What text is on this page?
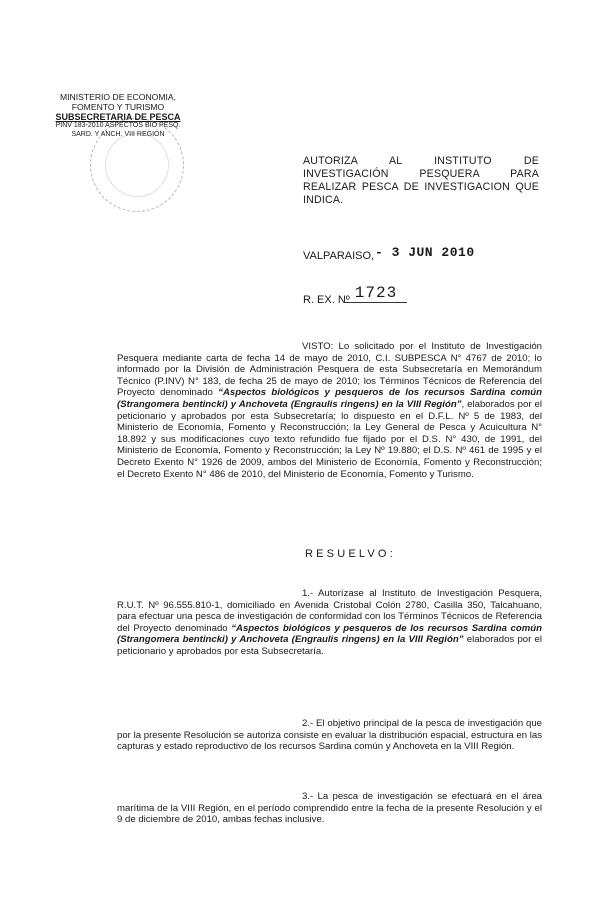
MINISTERIO DE ECONOMIA,
FOMENTO Y TURISMO
SUBSECRETARIA DE PESCA
PINV 183-2010 ASPECTOS BIO PESQ.
SARD. Y ANCH. VIII REGIÓN
AUTORIZA AL INSTITUTO DE INVESTIGACIÓN PESQUERA PARA REALIZAR PESCA DE INVESTIGACION QUE INDICA.
VALPARAISO, - 3 JUN 2010
R. EX. Nº 1723
VISTO: Lo solicitado por el Instituto de Investigación Pesquera mediante carta de fecha 14 de mayo de 2010, C.I. SUBPESCA N° 4767 de 2010; lo informado por la División de Administración Pesquera de esta Subsecretaría en Memorándum Técnico (P.INV) N° 183, de fecha 25 de mayo de 2010; los Términos Técnicos de Referencia del Proyecto denominado “Aspectos biológicos y pesqueros de los recursos Sardina común (Strangomera bentincki) y Anchoveta (Engraulis ringens) en la VIII Región”, elaborados por el peticionario y aprobados por esta Subsecretaría; lo dispuesto en el D.F.L. Nº 5 de 1983, del Ministerio de Economía, Fomento y Reconstrucción; la Ley General de Pesca y Acuicultura N° 18.892 y sus modificaciones cuyo texto refundido fue fijado por el D.S. N° 430, de 1991, del Ministerio de Economía, Fomento y Reconstrucción; la Ley Nº 19.880; el D.S. Nº 461 de 1995 y el Decreto Exento N° 1926 de 2009, ambos del Ministerio de Economía, Fomento y Reconstrucción; el Decreto Exento N° 486 de 2010, del Ministerio de Economía, Fomento y Turismo.
RESUELVO:
1.- Autorízase al Instituto de Investigación Pesquera, R.U.T. Nº 96.555.810-1, domiciliado en Avenida Cristobal Colón 2780, Casilla 350, Talcahuano, para efectuar una pesca de investigación de conformidad con los Términos Técnicos de Referencia del Proyecto denominado “Aspectos biológicos y pesqueros de los recursos Sardina común (Strangomera bentincki) y Anchoveta (Engraulis ringens) en la VIII Región” elaborados por el peticionario y aprobados por esta Subsecretaría.
2.- El objetivo principal de la pesca de investigación que por la presente Resolución se autoriza consiste en evaluar la distribución espacial, estructura en las capturas y estado reproductivo de los recursos Sardina común y Anchoveta en la VIII Región.
3.- La pesca de investigación se efectuará en el área marítima de la VIII Región, en el período comprendido entre la fecha de la presente Resolución y el 9 de diciembre de 2010, ambas fechas inclusive.
